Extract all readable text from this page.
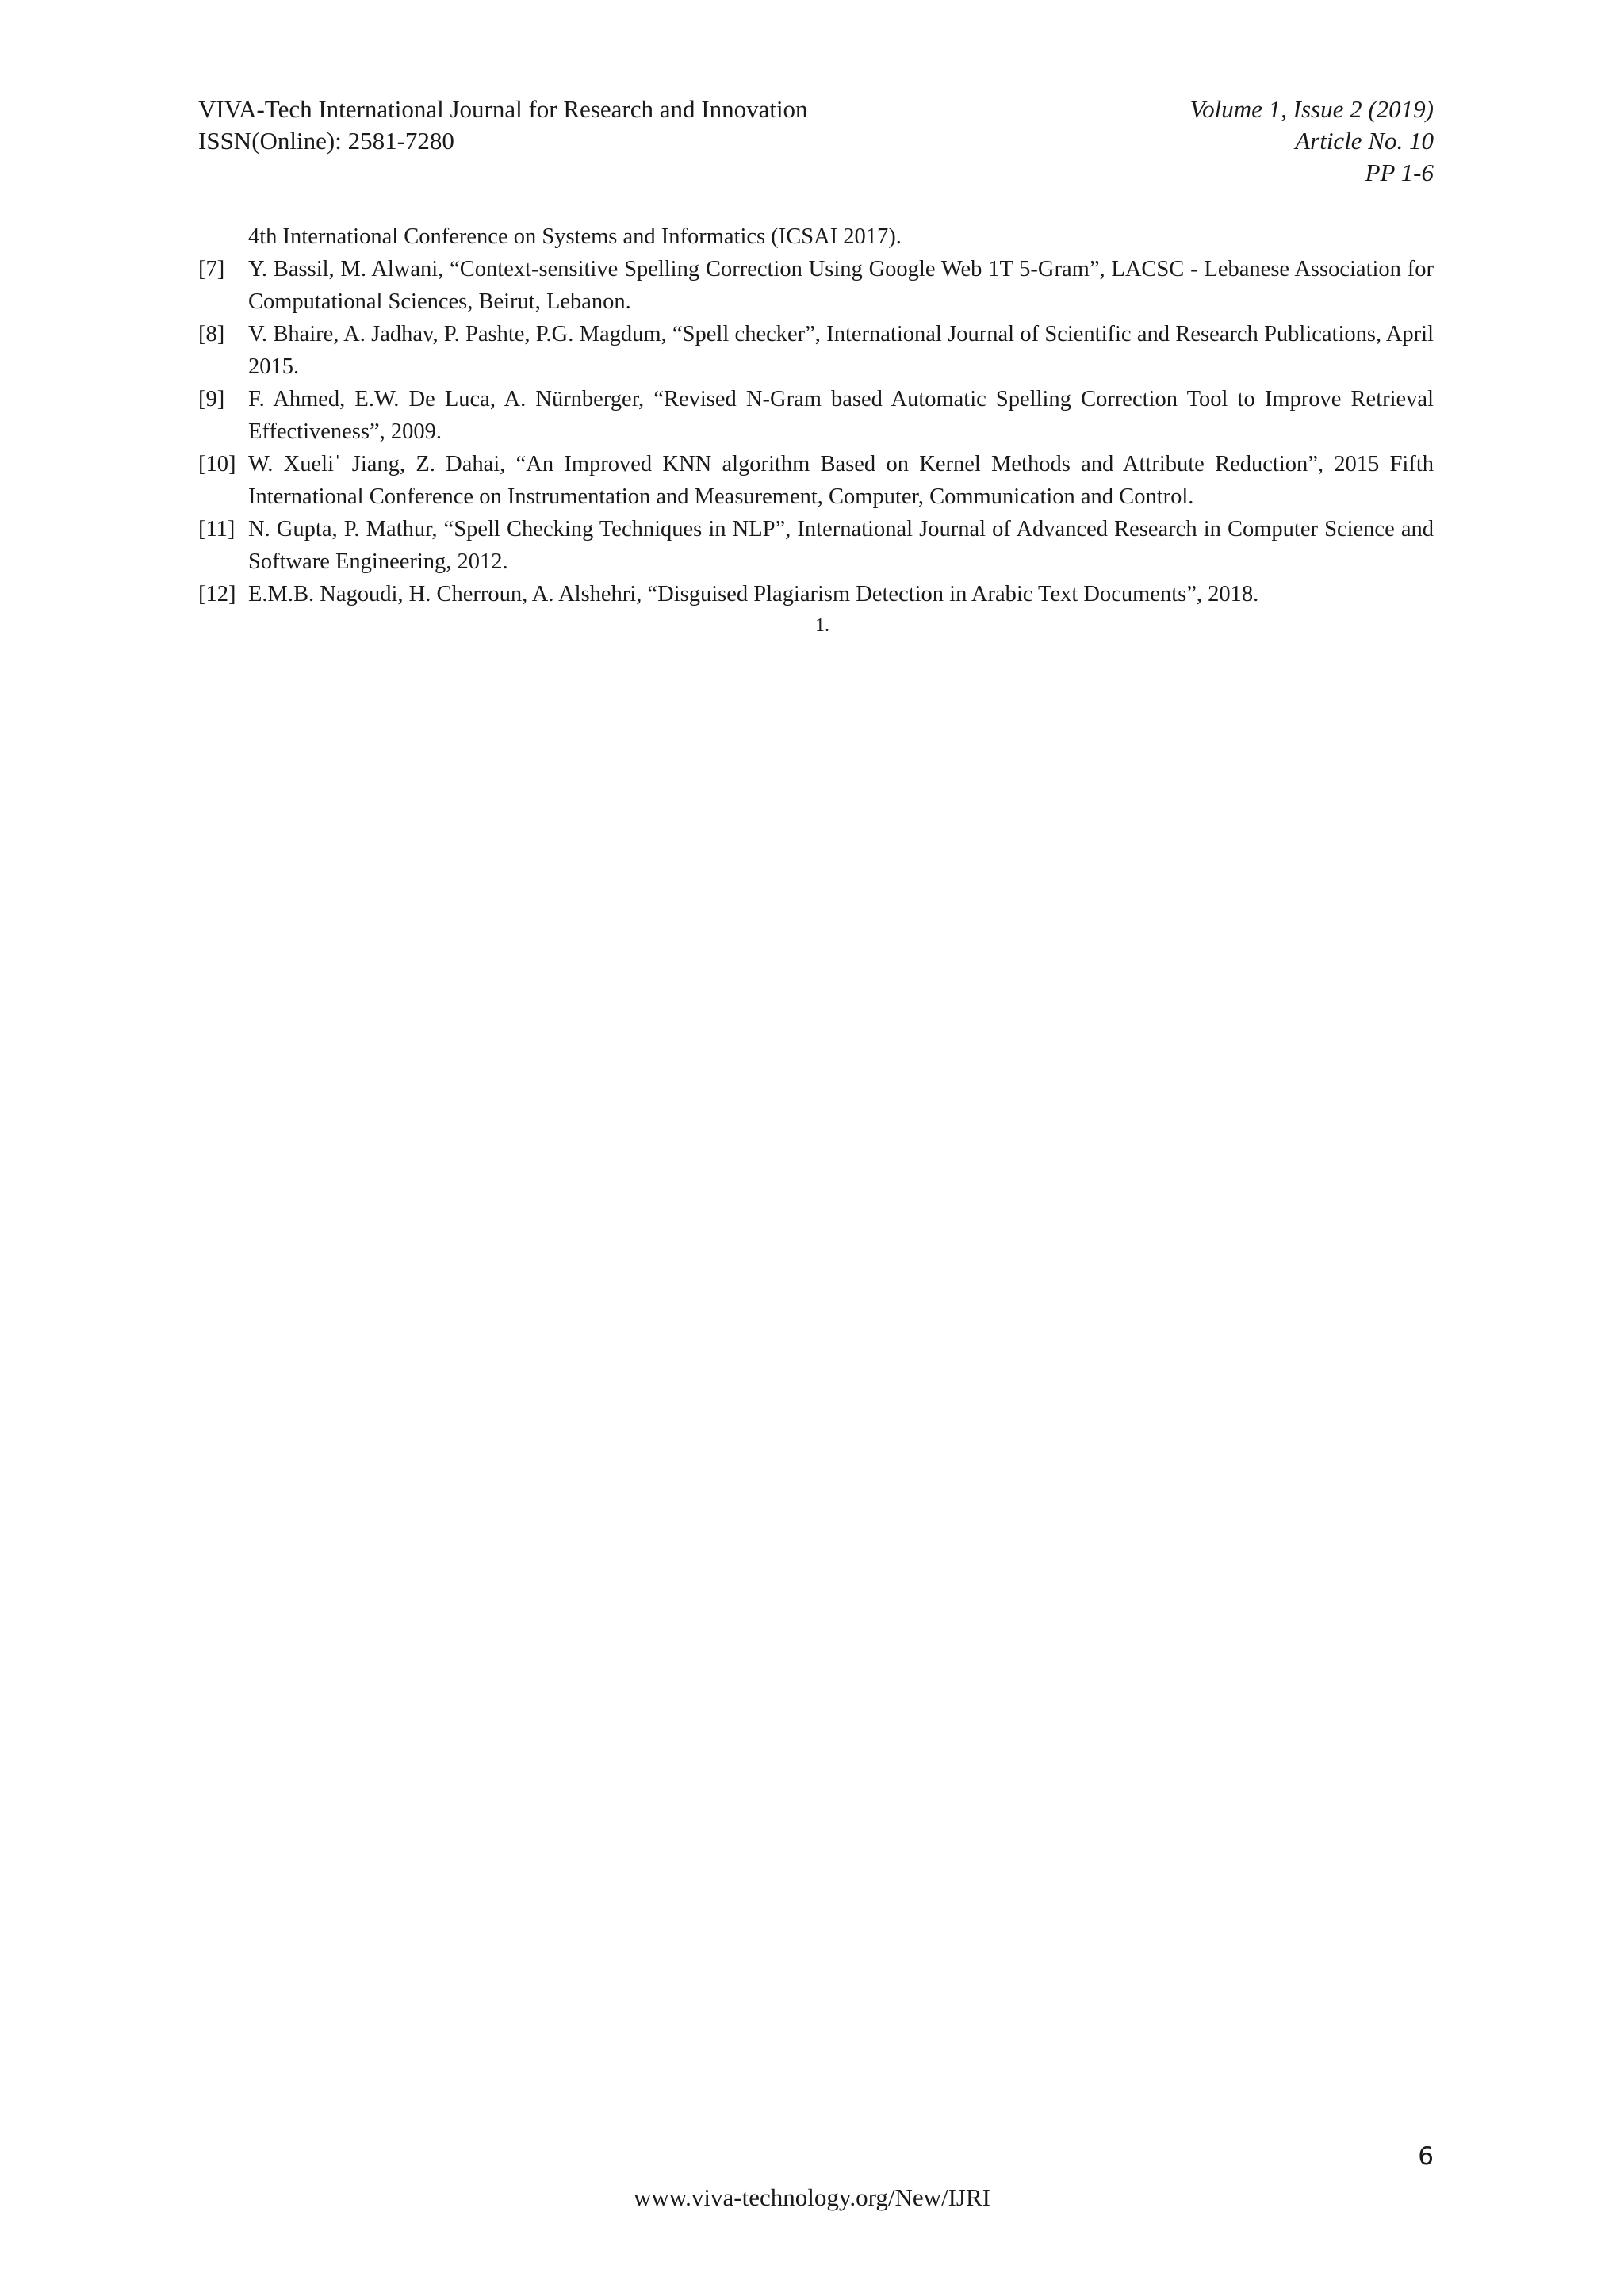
VIVA-Tech International Journal for Research and Innovation
ISSN(Online): 2581-7280
Volume 1, Issue 2 (2019)
Article No. 10
PP 1-6
4th International Conference on Systems and Informatics (ICSAI 2017).
[7] Y. Bassil, M. Alwani, “Context-sensitive Spelling Correction Using Google Web 1T 5-Gram”, LACSC - Lebanese Association for Computational Sciences, Beirut, Lebanon.
[8] V. Bhaire, A. Jadhav, P. Pashte, P.G. Magdum, “Spell checker”, International Journal of Scientific and Research Publications, April 2015.
[9] F. Ahmed, E.W. De Luca, A. Nürnberger, “Revised N-Gram based Automatic Spelling Correction Tool to Improve Retrieval Effectiveness”, 2009.
[10] W. Xueliˈ Jiang, Z. Dahai, “An Improved KNN algorithm Based on Kernel Methods and Attribute Reduction”, 2015 Fifth International Conference on Instrumentation and Measurement, Computer, Communication and Control.
[11] N. Gupta, P. Mathur, “Spell Checking Techniques in NLP”, International Journal of Advanced Research in Computer Science and Software Engineering, 2012.
[12] E.M.B. Nagoudi, H. Cherroun, A. Alshehri, “Disguised Plagiarism Detection in Arabic Text Documents”, 2018.
1.
6
www.viva-technology.org/New/IJRI
